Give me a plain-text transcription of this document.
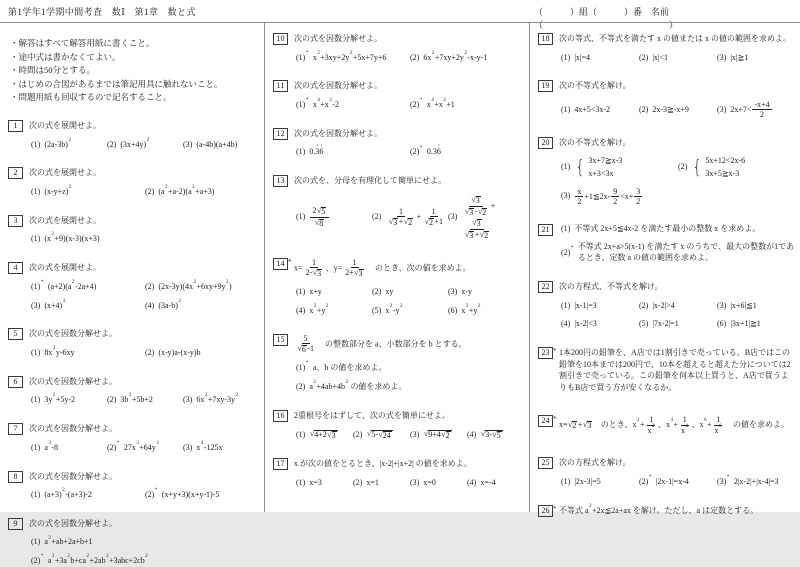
第1学年1学期中間考査　数Ⅰ　第1章　数と式	（　　　）組（　　　）番　名前（　　　　　　　　　　　　　　）
・解答はすべて解答用紙に書くこと。
・途中式は書かなくてよい。
・時間は50分とする。
・はじめの合図があるまでは筆記用具に触れないこと。
・問題用紙も回収するので記名すること。
1	次の式を展開せよ。
(1) $(2a-3b)^2$	(2) $(3x+4y)^2$	(3) (a-4b)(a+4b)
2	次の式を展開せよ。
(1) $(x-y+z)^2$	(2) $(a^2+a-2)(a^2+a+3)$
3	次の式を展開せよ。
(1) $(x^2+9)(x-3)(x+3)$
4	次の式を展開せよ。
(1)* $(a+2)(a^2-2a+4)$	(2) $(2x-3y)(4x^2+6xy+9y^2)$
(3) $(x+4)^3$	(4) $(3a-b)^3$
5	次の式を因数分解せよ。
(1) $8x^2y-6xy$	(2) (x-y)a-(x-y)b
6	次の式を因数分解せよ。
(1) $3y^2+5y-2$	(2) $3b^2+5b+2$	(3) $6x^2+7xy-3y^2$
7	次の式を因数分解せよ。
(1) $a^3-8$	(2)* $27x^3+64y^3$	(3) $x^4-125x$
8	次の式を因数分解せよ。
(1) $(a+3)^2-(a+3)-2$	(2)* (x+y+3)(x+y-1)-5
9	次の式を因数分解せよ。
(1) $a^2+ab+2a+b+1$
(2)* $a^3+3a^2b+ca^2+2ab^2+3abc+2cb^2$
10	次の式を因数分解せよ。
(1)* $x^2+3xy+2y^2+5x+7y+6$	(2) $6x^2+7xy+2y^2-x-y-1$
11	次の式を因数分解せよ。
(1)* $x^4+x^2-2$	(2)* $x^4+x^2+1$
12	次の式を因数分解せよ。
(1) 0.3 ·6 ·	(2)* 0.36 ·
13	次の式を、分母を有理化して簡単にせよ。
$(1) \frac{2 √ 5}{√ 8}$	$(2) \frac{1}{√ 3 + √ 2} + \frac{1}{√ 2 +1} (3) \frac{√ 3}{√ 3 - √ 2}$ +
$\frac{√ 3}{√ 3 + √ 2}$
14 *
$x= \frac{1}{2- √ 3}$ 、$y= \frac{1}{2+ √ 3}$ 　のとき、次の値を求めよ。
(1) x+y	(2) xy	(3) x-y
(4) $x^2+y^2$	(5) $x^2-y^2$	(6) $x^3+y^3$
15	$\frac{5}{√ 6 -1}$ 　の整数部分を a、小数部分を b とする。
(1)* a、b の値を求めよ。
(2) $a^2+4ab+4b^2$ の値を求めよ。
16	2重根号をはずして、次の式を簡単にせよ。
(1) √ 4+2 √ 3 (2) √ 5- √ 24 (3) √ 9+4 √ 2 (4) √ 3- √ 5
17	x が次の値をとるとき、|x-2|+|x+2| の値を求めよ。
(1) x=3	(2) x=1	(3) x=0	(4) x=-4
18	次の等式、不等式を満たす x の値または x の値の範囲を求めよ。
(1) |x|=4	(2) |x|<1	(3) |x|≧1
19	次の不等式を解け。
(1) 4x+5<3x-2	(2) 2x-3≧-x+9	(3) $2x+7< \frac{-x+4}{2}$
20	次の不等式を解け。
(1) { 3x+7≧x-3
x+3<3x
(2) { 5x+12<2x-6
3x+5≧x-3
$(3) \frac{x}{2}$ +1≦2x- $\frac{9}{2} <x+ \frac{3}{2}$
21	(1) 不等式 2x+5≦4x-2 を満たす最小の整数 x を求めよ。
(2)* 不等式 2x+a>5(x-1) を満たす x のうちで、最大の整数が1であるとき、定数 a の値の範囲を求めよ。
22	次の方程式、不等式を解け。
(1) |x-1|=3	(2) |x-2|>4	(3) |x+6|≦1
(4) |x-2|<3	(5) |7x-2|=1	(6) |3x+1|≧1
23 * 1本200円の鉛筆を、A店では1割引きで売っている。B店ではこの鉛筆を10本までは200円で、10本を超えると超えた分については2割引きで売っている。この鉛筆を何本以上買うと、A店で買うよりもB店で買う方が安くなるか。
24 *
x= √ 2 + √ 3 　のとき、$x^2+ \frac{1}{x^2}$ 、$x^4+ \frac{1}{x^4}$ 、$x^6+ \frac{1}{x^6}$ 　の値を求めよ。
25	次の方程式を解け。
(1) |2x-3|=5	(2)* |2x-1|=x-4	(3)* 2|x-2|+|x-4|=3
26 * 不等式 $a^2+2x≦2a+ax$ を解け。ただし、a は定数とする。
